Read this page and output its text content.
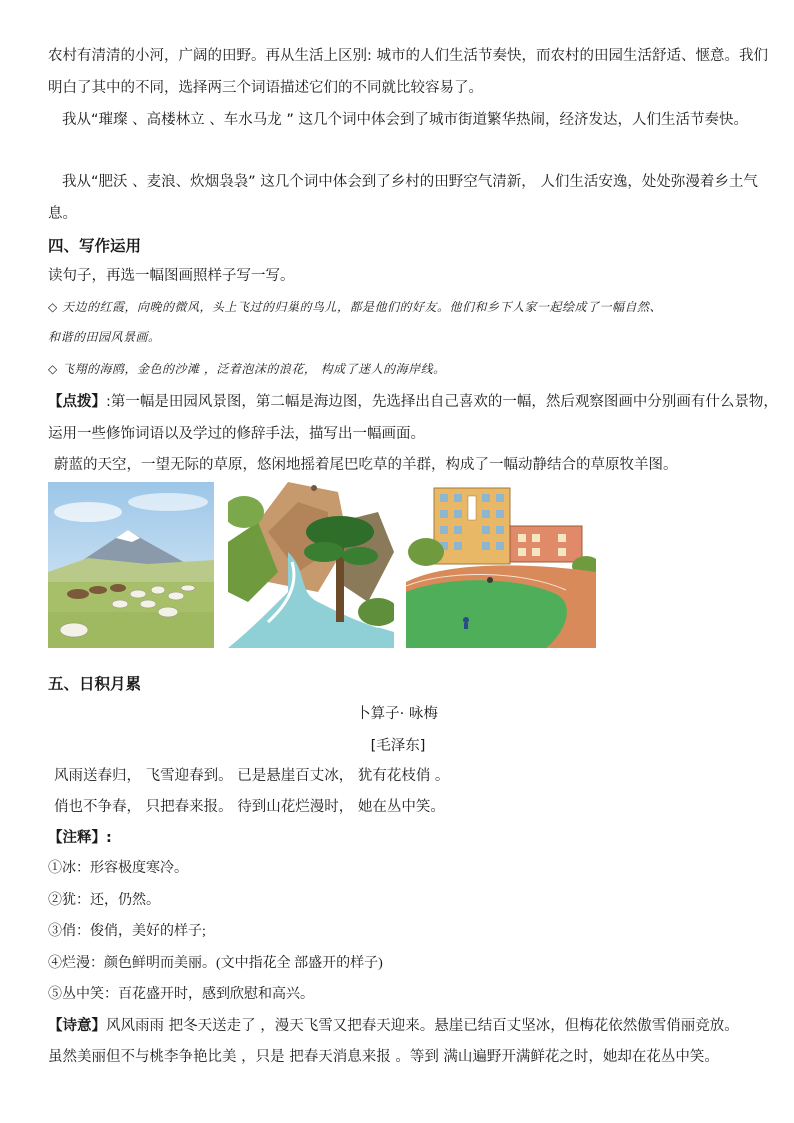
农村有清清的小河，广阔的田野。再从生活上区别: 城市的人们生活节奏快，而农村的田园生活舒适、惬意。我们
明白了其中的不同，选择两三个词语描述它们的不同就比较容易了。
我从“璀璨 、高楼林立 、车水马龙 ” 这几个词中体会到了城市街道繁华热闹，经济发达，人们生活节奏快。
我从“肥沃 、麦浪、炊烟袅袅” 这几个词中体会到了乡村的田野空气清新， 人们生活安逸，处处弥漫着乡土气
息。
四、写作运用
读句子，再选一幅图画照样子写一写。
◇ 天边的红霞，向晚的微风，头上飞过的归巢的鸟儿，都是他们的好友。他们和乡下人家一起绘成了一幅自然、
和谐的田园风景画。
◇ 飞翔的海鸥，金色的沙滩 ，泛着泡沫的浪花， 构成了迷人的海岸线。
【点拨】:第一幅是田园风景图，第二幅是海边图，先选择出自己喜欢的一幅，然后观察图画中分别画有什么景物，
运用一些修饰词语以及学过的修辞手法，描写出一幅画面。
蔚蓝的天空，一望无际的草原，悠闲地摇着尾巴吃草的羊群，构成了一幅动静结合的草原牧羊图。
五、日积月累
卜算子· 咏梅
[毛泽东]
风雨送春归， 飞雪迎春到。 已是悬崖百丈冰， 犹有花枝俏 。
俏也不争春， 只把春来报。 待到山花烂漫时， 她在丛中笑。
【注释】:
①冰：形容极度寒冷。
②犹：还，仍然。
③俏：俊俏，美好的样子;
④烂漫：颜色鲜明而美丽。(文中指花全 部盛开的样子)
⑤丛中笑：百花盛开时，感到欣慰和高兴。
【诗意】风风雨雨 把冬天送走了 ，漫天飞雪又把春天迎来。悬崖已结百丈坚冰，但梅花依然傲雪俏丽竞放。
虽然美丽但不与桃李争艳比美 ，只是 把春天消息来报 。等到 满山遍野开满鲜花之时，她却在花丛中笑。
